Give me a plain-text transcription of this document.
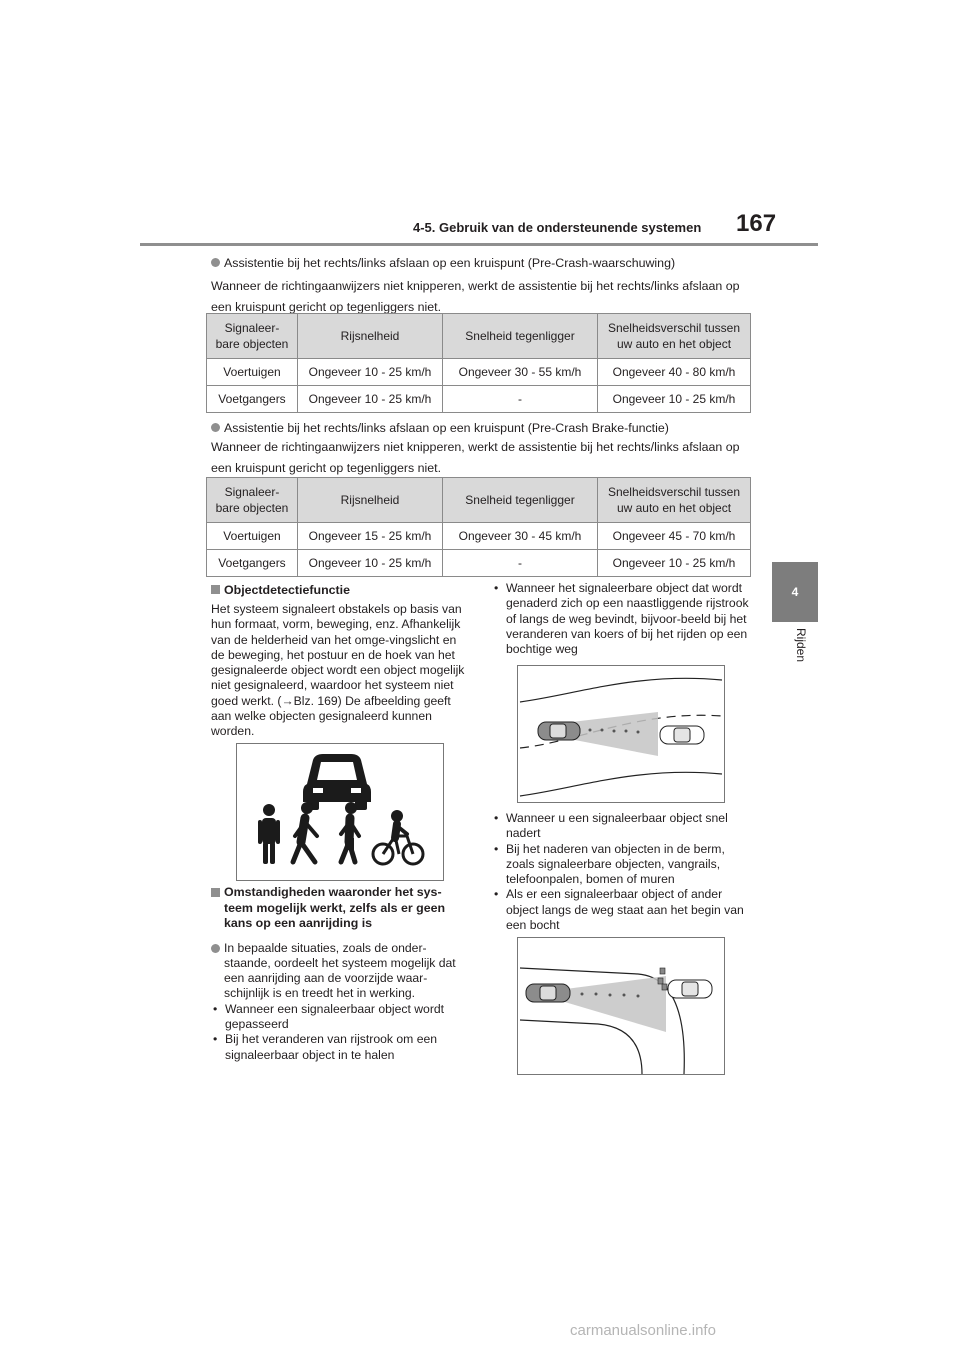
4-5. Gebruik van de ondersteunende systemen 167
4
Rijden
Assistentie bij het rechts/links afslaan op een kruispunt (Pre-Crash-waarschuwing)
Wanneer de richtingaanwijzers niet knipperen, werkt de assistentie bij het rechts/links afslaan op een kruispunt gericht op tegenliggers niet.
Signaleer-
bare objecten	Rijsnelheid	Snelheid tegenligger	Snelheidsverschil tussen
uw auto en het object
Voertuigen	Ongeveer 10 - 25 km/h	Ongeveer 30 - 55 km/h	Ongeveer 40 - 80 km/h
Voetgangers	Ongeveer 10 - 25 km/h	-	Ongeveer 10 - 25 km/h
Assistentie bij het rechts/links afslaan op een kruispunt (Pre-Crash Brake-functie)
Wanneer de richtingaanwijzers niet knipperen, werkt de assistentie bij het rechts/links afslaan op een kruispunt gericht op tegenliggers niet.
Signaleer-
bare objecten	Rijsnelheid	Snelheid tegenligger	Snelheidsverschil tussen
uw auto en het object
Voertuigen	Ongeveer 15 - 25 km/h	Ongeveer 30 - 45 km/h	Ongeveer 45 - 70 km/h
Voetgangers	Ongeveer 10 - 25 km/h	-	Ongeveer 10 - 25 km/h
Objectdetectiefunctie
Het systeem signaleert obstakels op basis van hun formaat, vorm, beweging, enz. Afhankelijk van de helderheid van het omge-vingslicht en de beweging, het postuur en de hoek van het gesignaleerde object wordt een object mogelijk niet gesignaleerd, waardoor het systeem niet goed werkt. (→Blz. 169) De afbeelding geeft aan welke objecten gesignaleerd kunnen worden.
Omstandigheden waaronder het sys-teem mogelijk werkt, zelfs als er geen kans op een aanrijding is
In bepaalde situaties, zoals de onder-staande, oordeelt het systeem mogelijk dat een aanrijding aan de voorzijde waar-schijnlijk is en treedt het in werking.
• Wanneer een signaleerbaar object wordt gepasseerd
• Bij het veranderen van rijstrook om een signaleerbaar object in te halen
• Wanneer het signaleerbare object dat wordt genaderd zich op een naastliggende rijstrook of langs de weg bevindt, bijvoor-beeld bij het veranderen van koers of bij het rijden op een bochtige weg
• Wanneer u een signaleerbaar object snel nadert
• Bij het naderen van objecten in de berm, zoals signaleerbare objecten, vangrails, telefoonpalen, bomen of muren
• Als er een signaleerbaar object of ander object langs de weg staat aan het begin van een bocht
carmanualsonline.info
